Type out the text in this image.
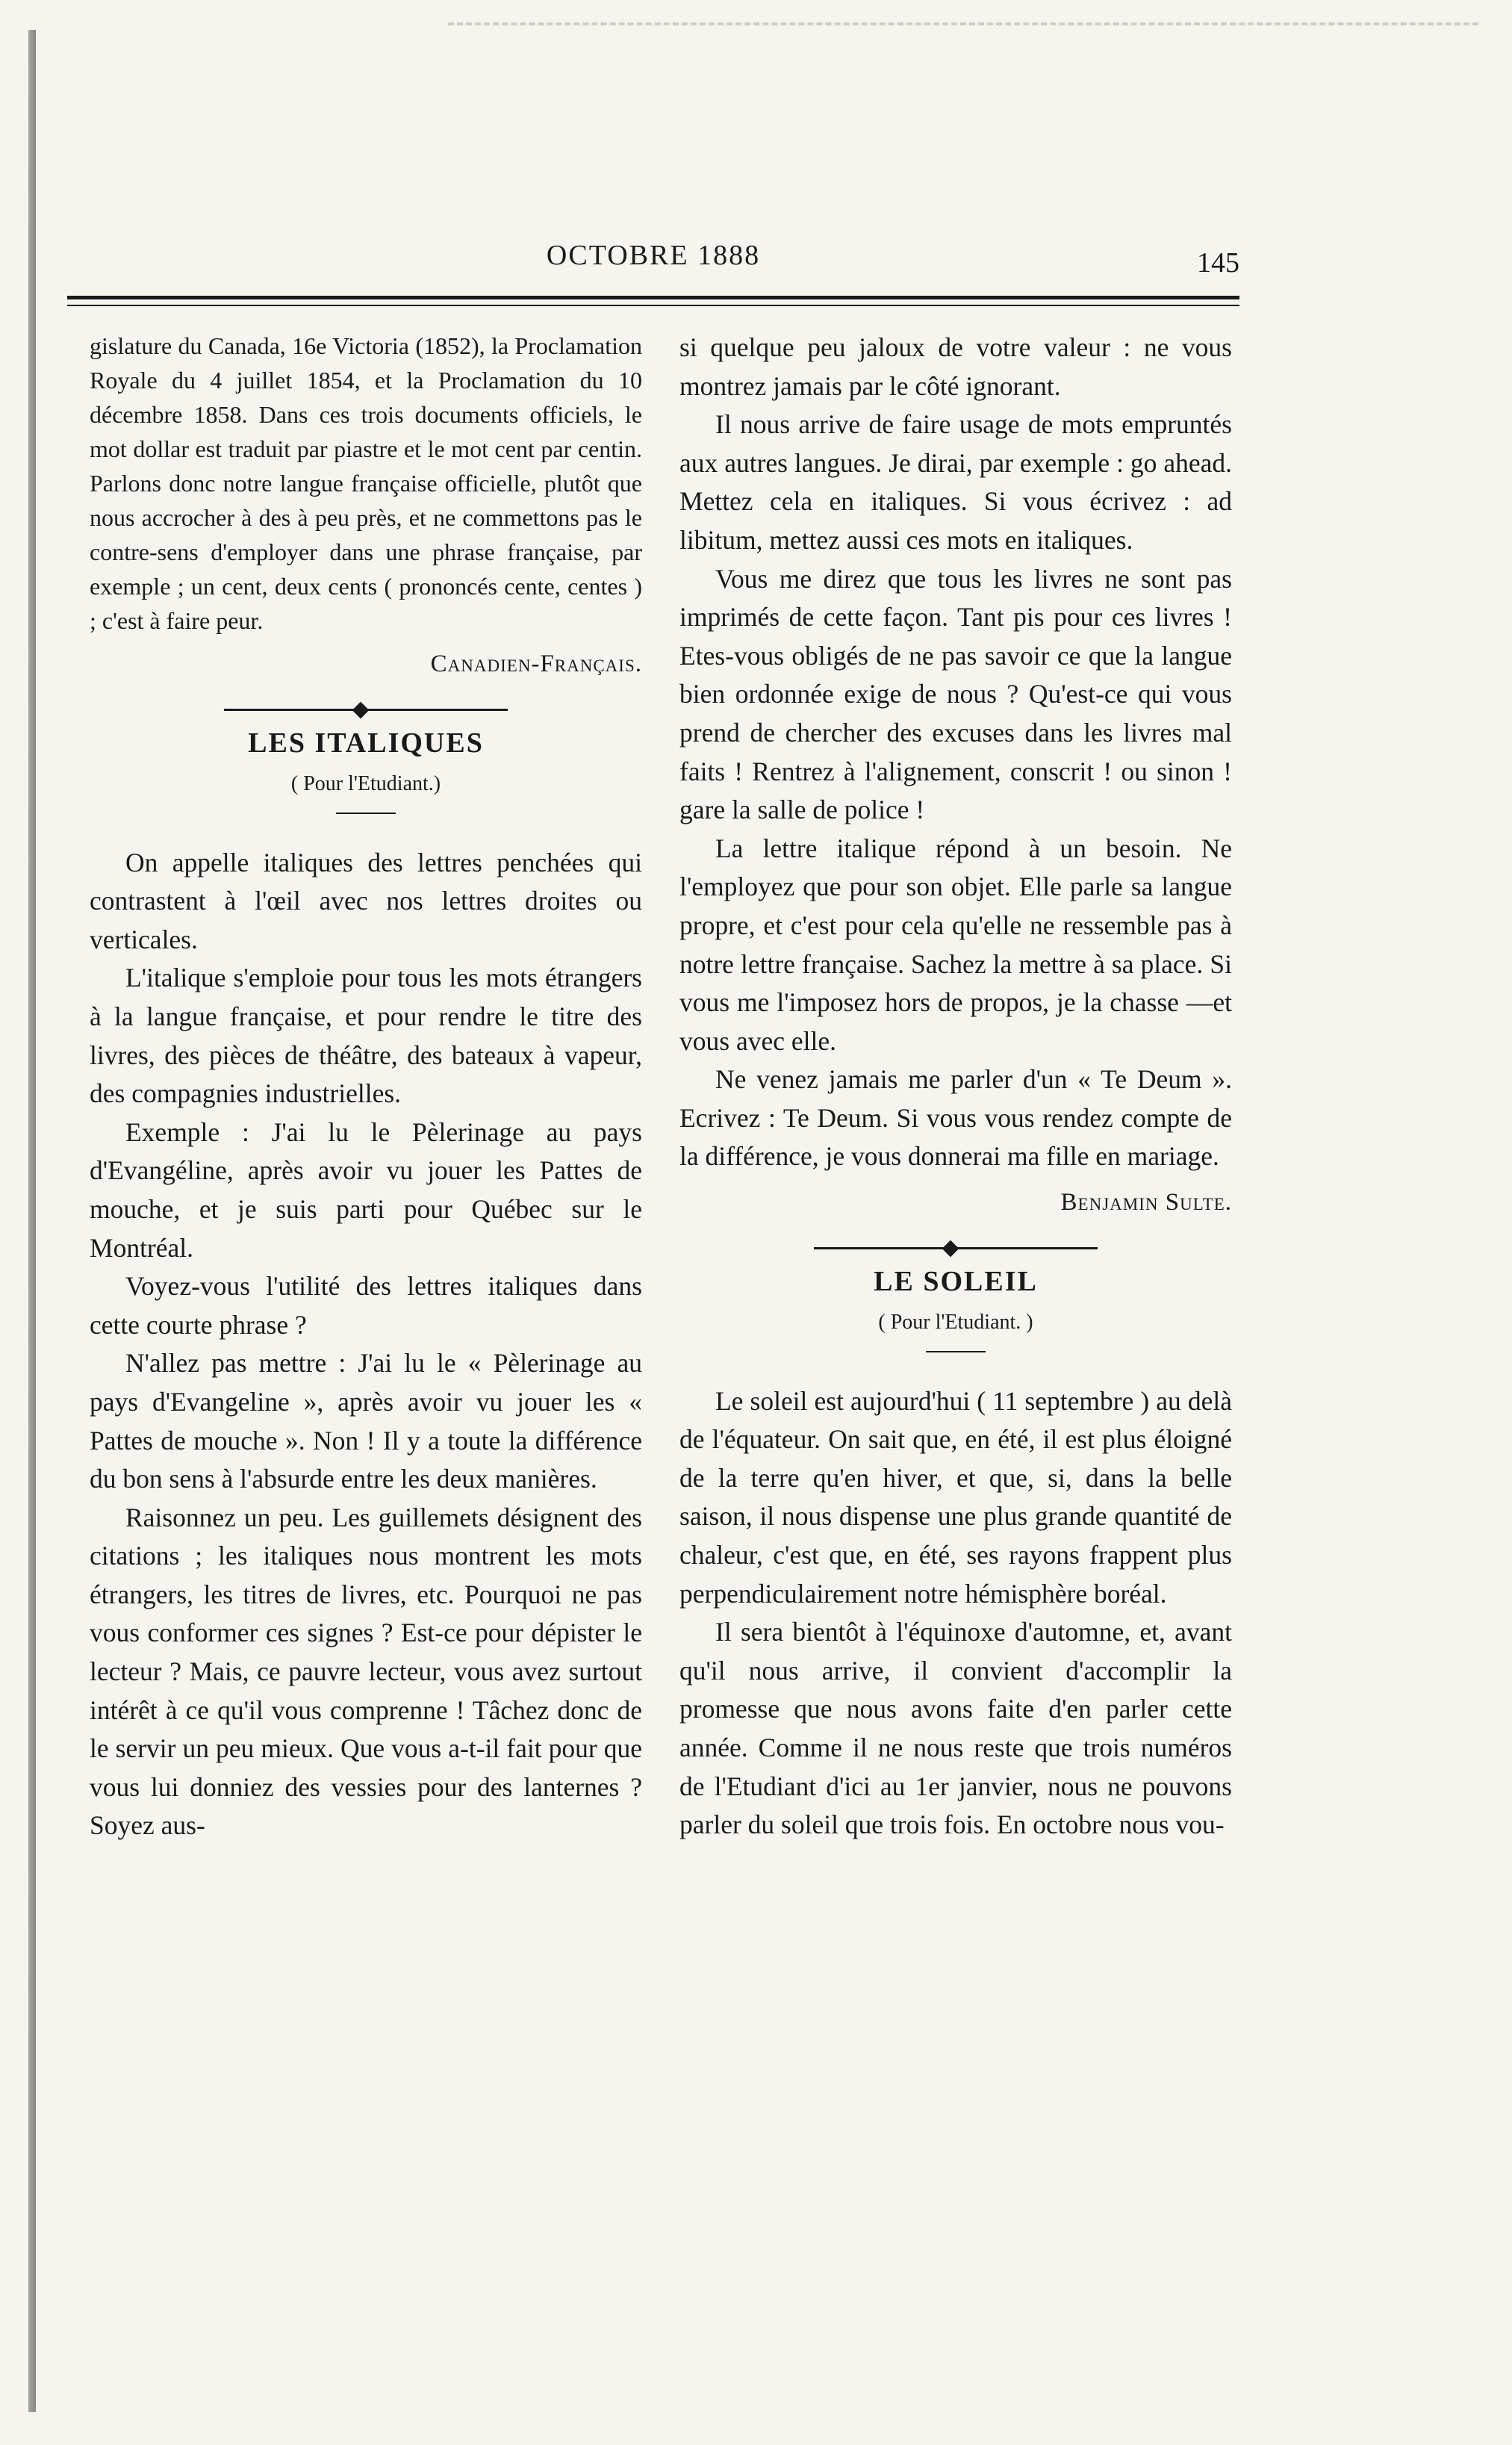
OCTOBRE 1888	145

gislature du Canada, 16e Victoria (1852), la Proclamation Royale du 4 juillet 1854, et la Proclamation du 10 décembre 1858. Dans ces trois documents officiels, le mot dollar est traduit par piastre et le mot cent par centin. Parlons donc notre langue française officielle, plutôt que nous accrocher à des à peu près, et ne commettons pas le contre-sens d'employer dans une phrase française, par exemple ; un cent, deux cents ( prononcés cente, centes ) ; c'est à faire peur.

Canadien-Français.
LES ITALIQUES
( Pour l'Etudiant.)

On appelle italiques des lettres penchées qui contrastent à l'œil avec nos lettres droites ou verticales.

L'italique s'emploie pour tous les mots étrangers à la langue française, et pour rendre le titre des livres, des pièces de théâtre, des bateaux à vapeur, des compagnies industrielles.

Exemple : J'ai lu le Pèlerinage au pays d'Evangéline, après avoir vu jouer les Pattes de mouche, et je suis parti pour Québec sur le Montréal.

Voyez-vous l'utilité des lettres italiques dans cette courte phrase ?

N'allez pas mettre : J'ai lu le « Pèlerinage au pays d'Evangeline », après avoir vu jouer les « Pattes de mouche ». Non ! Il y a toute la différence du bon sens à l'absurde entre les deux manières.

Raisonnez un peu. Les guillemets désignent des citations ; les italiques nous montrent les mots étrangers, les titres de livres, etc. Pourquoi ne pas vous conformer ces signes ? Est-ce pour dépister le lecteur ? Mais, ce pauvre lecteur, vous avez surtout intérêt à ce qu'il vous comprenne ! Tâchez donc de le servir un peu mieux. Que vous a-t-il fait pour que vous lui donniez des vessies pour des lanternes ? Soyez aus-

si quelque peu jaloux de votre valeur : ne vous montrez jamais par le côté ignorant.

Il nous arrive de faire usage de mots empruntés aux autres langues. Je dirai, par exemple : go ahead. Mettez cela en italiques. Si vous écrivez : ad libitum, mettez aussi ces mots en italiques.

Vous me direz que tous les livres ne sont pas imprimés de cette façon. Tant pis pour ces livres ! Etes-vous obligés de ne pas savoir ce que la langue bien ordonnée exige de nous ? Qu'est-ce qui vous prend de chercher des excuses dans les livres mal faits ! Rentrez à l'alignement, conscrit ! ou sinon ! gare la salle de police !

La lettre italique répond à un besoin. Ne l'employez que pour son objet. Elle parle sa langue propre, et c'est pour cela qu'elle ne ressemble pas à notre lettre française. Sachez la mettre à sa place. Si vous me l'imposez hors de propos, je la chasse —et vous avec elle.

Ne venez jamais me parler d'un « Te Deum ». Ecrivez : Te Deum. Si vous vous rendez compte de la différence, je vous donnerai ma fille en mariage.

Benjamin Sulte.
LE SOLEIL
( Pour l'Etudiant. )

Le soleil est aujourd'hui ( 11 septembre ) au delà de l'équateur. On sait que, en été, il est plus éloigné de la terre qu'en hiver, et que, si, dans la belle saison, il nous dispense une plus grande quantité de chaleur, c'est que, en été, ses rayons frappent plus perpendiculairement notre hémisphère boréal.

Il sera bientôt à l'équinoxe d'automne, et, avant qu'il nous arrive, il convient d'accomplir la promesse que nous avons faite d'en parler cette année. Comme il ne nous reste que trois numéros de l'Etudiant d'ici au 1er janvier, nous ne pouvons parler du soleil que trois fois. En octobre nous vou-
